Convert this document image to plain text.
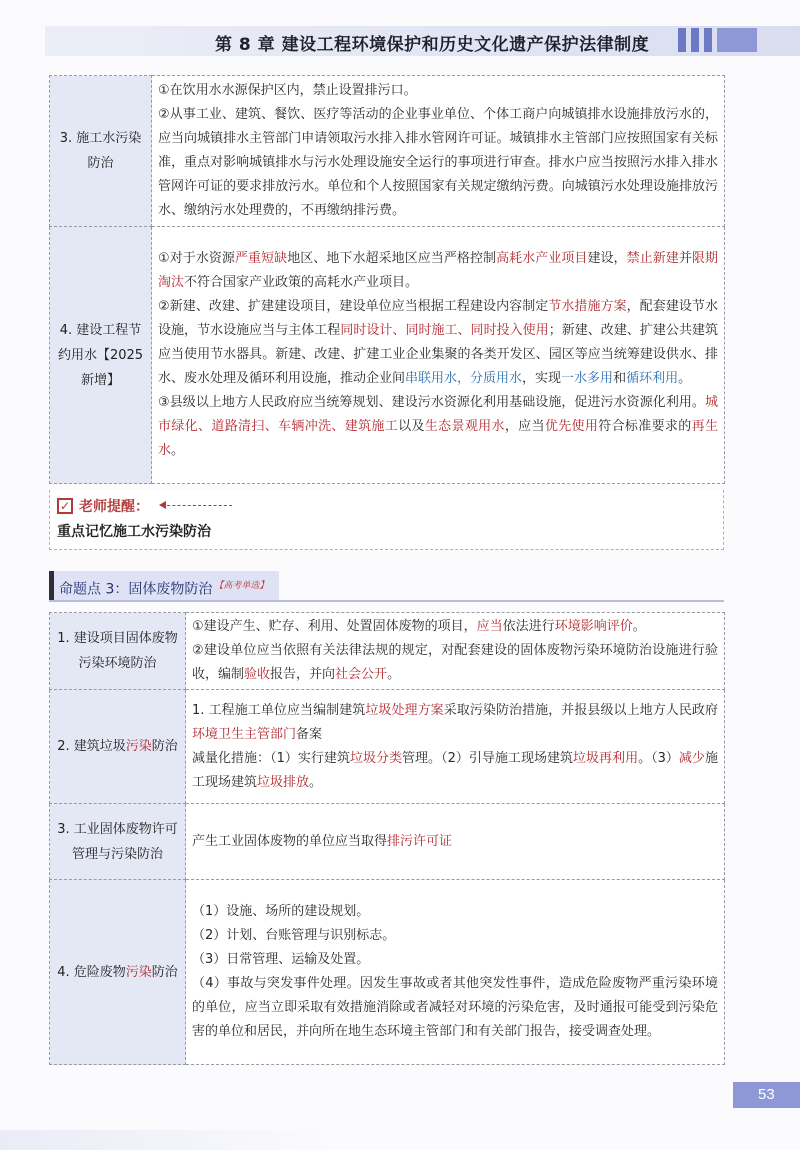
第 8 章 建设工程环境保护和历史文化遗产保护法律制度
3. 施工水污染防治	①在饮用水水源保护区内，禁止设置排污口。

②从事工业、建筑、餐饮、医疗等活动的企业事业单位、个体工商户向城镇排水设施排放污水的，应当向城镇排水主管部门申请领取污水排入排水管网许可证。城镇排水主管部门应按照国家有关标准，重点对影响城镇排水与污水处理设施安全运行的事项进行审查。排水户应当按照污水排入排水管网许可证的要求排放污水。单位和个人按照国家有关规定缴纳污费。向城镇污水处理设施排放污水、缴纳污水处理费的，不再缴纳排污费。

4. 建设工程节约用水【2025 新增】	①对于水资源严重短缺地区、地下水超采地区应当严格控制高耗水产业项目建设，禁止新建并限期淘汰不符合国家产业政策的高耗水产业项目。

②新建、改建、扩建建设项目，建设单位应当根据工程建设内容制定节水措施方案，配套建设节水设施，节水设施应当与主体工程同时设计、同时施工、同时投入使用；新建、改建、扩建公共建筑应当使用节水器具。新建、改建、扩建工业企业集聚的各类开发区、园区等应当统筹建设供水、排水、废水处理及循环利用设施，推动企业间串联用水，分质用水，实现一水多用和循环利用。

③县级以上地方人民政府应当统筹规划、建设污水资源化利用基础设施，促进污水资源化利用。城市绿化、道路清扫、车辆冲洗、建筑施工以及生态景观用水，应当优先使用符合标准要求的再生水。

✓ 老师提醒：
重点记忆施工水污染防治
命题点 3：固体废物防治 $^{【高考单选】}$
1. 建设项目固体废物污染环境防治	①建设产生、贮存、利用、处置固体废物的项目，应当依法进行环境影响评价。

②建设单位应当依照有关法律法规的规定，对配套建设的固体废物污染环境防治设施进行验收，编制验收报告，并向社会公开。

2. 建筑垃圾污染防治	1. 工程施工单位应当编制建筑垃圾处理方案采取污染防治措施，并报县级以上地方人民政府环境卫生主管部门备案

减量化措施：（1）实行建筑垃圾分类管理。（2）引导施工现场建筑垃圾再利用。（3）减少施工现场建筑垃圾排放。

3. 工业固体废物许可管理与污染防治	产生工业固体废物的单位应当取得排污许可证

4. 危险废物污染防治	（1）设施、场所的建设规划。

（2）计划、台账管理与识别标志。

（3）日常管理、运输及处置。

（4）事故与突发事件处理。因发生事故或者其他突发性事件，造成危险废物严重污染环境的单位，应当立即采取有效措施消除或者减轻对环境的污染危害，及时通报可能受到污染危害的单位和居民，并向所在地生态环境主管部门和有关部门报告，接受调查处理。

53
